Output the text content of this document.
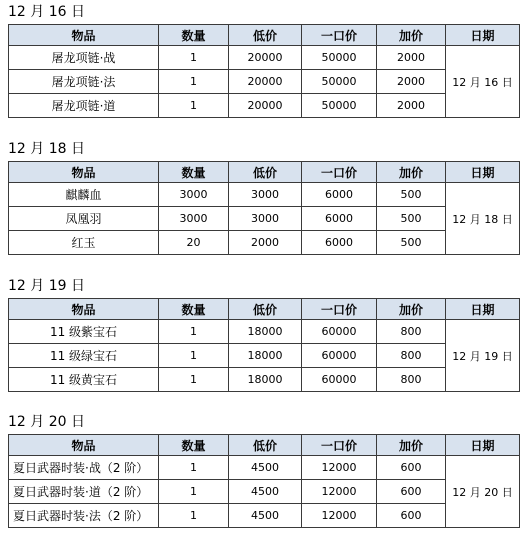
12 月 16 日
物品	数量	低价	一口价	加价	日期
屠龙项链·战	1	20000	50000	2000	12 月 16 日
屠龙项链·法	1	20000	50000	2000	
屠龙项链·道	1	20000	50000	2000	
12 月 18 日
物品	数量	低价	一口价	加价	日期
麒麟血	3000	3000	6000	500	12 月 18 日
凤凰羽	3000	3000	6000	500	
红玉	20	2000	6000	500	
12 月 19 日
物品	数量	低价	一口价	加价	日期
11 级紫宝石	1	18000	60000	800	12 月 19 日
11 级绿宝石	1	18000	60000	800	
11 级黄宝石	1	18000	60000	800	
12 月 20 日
物品	数量	低价	一口价	加价	日期
夏日武器时装·战（2 阶）	1	4500	12000	600	12 月 20 日
夏日武器时装·道（2 阶）	1	4500	12000	600	
夏日武器时装·法（2 阶）	1	4500	12000	600	
